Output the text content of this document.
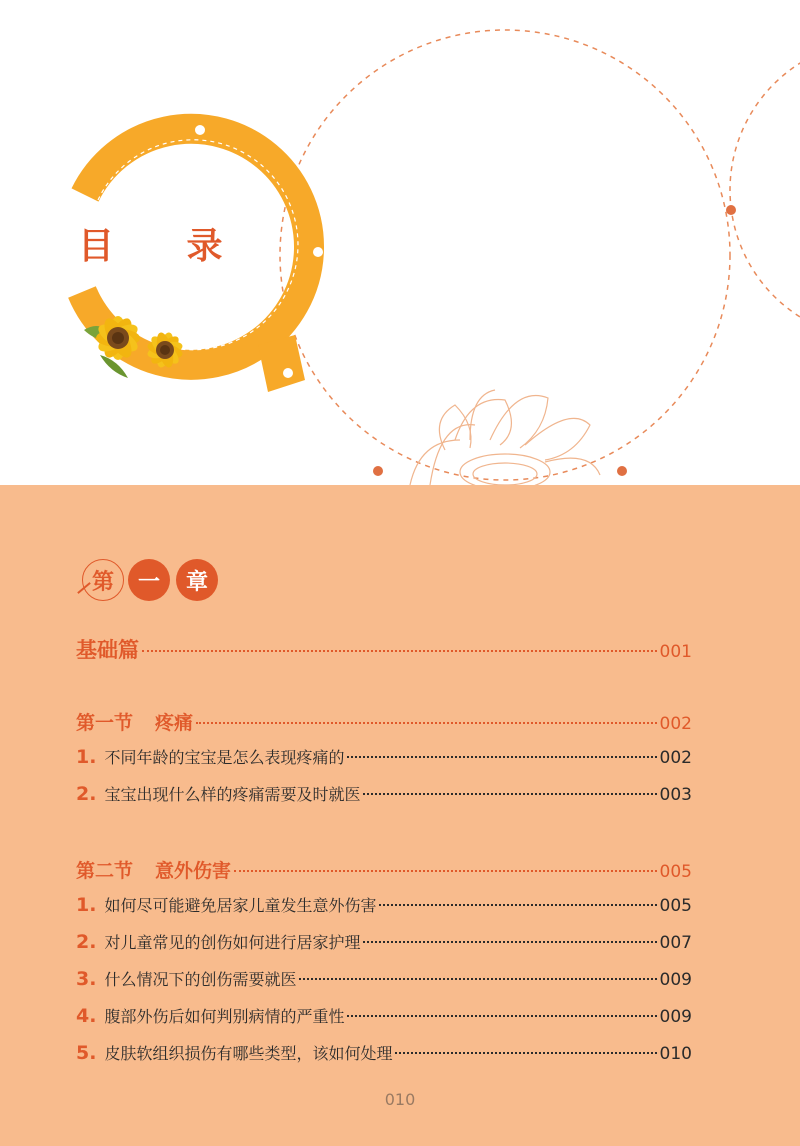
目 录
第	一	章
基础篇	001
第一节 疼痛	002
1. 不同年龄的宝宝是怎么表现疼痛的	002
2. 宝宝出现什么样的疼痛需要及时就医	003
第二节 意外伤害	005
1. 如何尽可能避免居家儿童发生意外伤害	005
2. 对儿童常见的创伤如何进行居家护理	007
3. 什么情况下的创伤需要就医	009
4. 腹部外伤后如何判别病情的严重性	009
5. 皮肤软组织损伤有哪些类型，该如何处理	010
010
